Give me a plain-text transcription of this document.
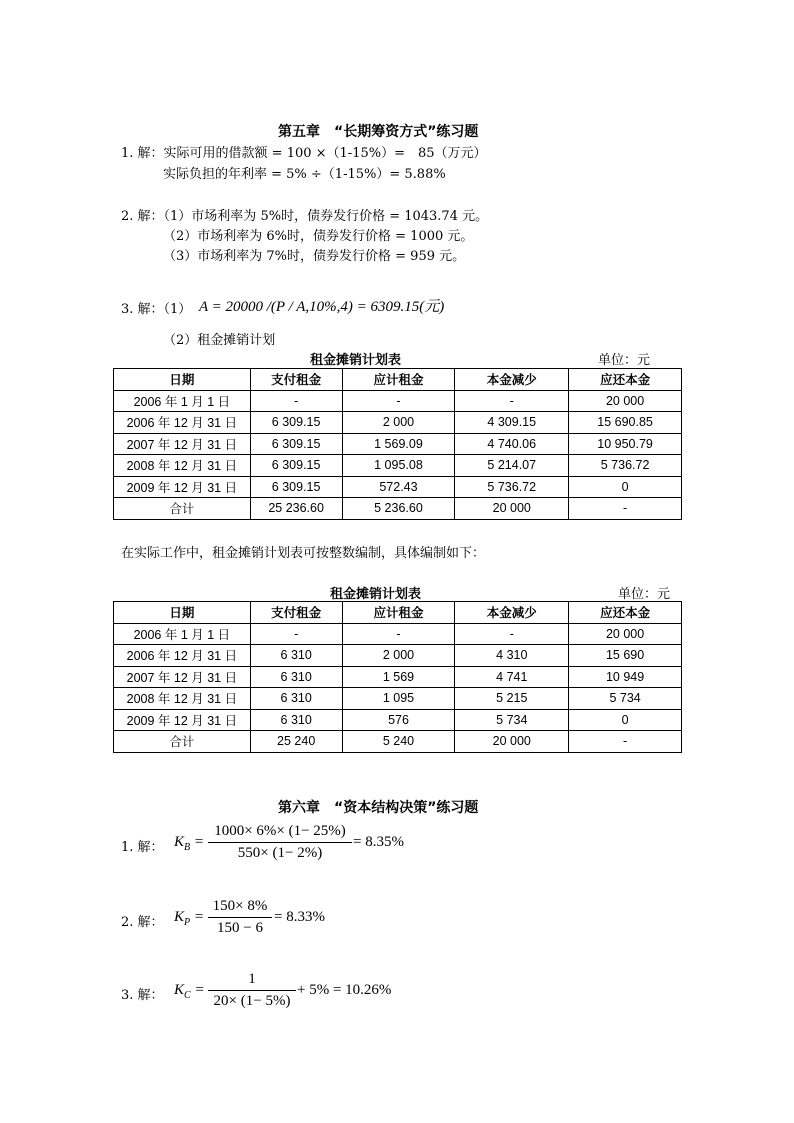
第五章　“长期筹资方式”练习题
1. 解：实际可用的借款额 = 100 ×（1-15%）=　85（万元）
实际负担的年利率 = 5% ÷（1-15%）= 5.88%
2. 解：（1）市场利率为 5%时，债券发行价格 = 1043.74 元。
（2）市场利率为 6%时，债券发行价格 = 1000 元。
（3）市场利率为 7%时，债券发行价格 = 959 元。
3. 解：（1） A = 20000 /(P / A,10%,4) = 6309.15(元)
（2）租金摊销计划
租金摊销计划表	单位：元
日期	支付租金	应计租金	本金减少	应还本金
2006 年 1 月 1 日	-	-	-	20 000
2006 年 12 月 31 日	6 309.15	2 000	4 309.15	15 690.85
2007 年 12 月 31 日	6 309.15	1 569.09	4 740.06	10 950.79
2008 年 12 月 31 日	6 309.15	1 095.08	5 214.07	5 736.72
2009 年 12 月 31 日	6 309.15	572.43	5 736.72	0
合计	25 236.60	5 236.60	20 000	-
在实际工作中，租金摊销计划表可按整数编制，具体编制如下：
租金摊销计划表	单位：元
日期	支付租金	应计租金	本金减少	应还本金
2006 年 1 月 1 日	-	-	-	20 000
2006 年 12 月 31 日	6 310	2 000	4 310	15 690
2007 年 12 月 31 日	6 310	1 569	4 741	10 949
2008 年 12 月 31 日	6 310	1 095	5 215	5 734
2009 年 12 月 31 日	6 310	576	5 734	0
合计	25 240	5 240	20 000	-
第六章　“资本结构决策”练习题
1. 解： $K_B = \frac{1000\times 6\%\times (1- 25\%)}{550\times (1- 2\%)} = 8.35\%$
2. 解： $K_P = \frac{150\times 8\%}{150 - 6} = 8.33\%$
3. 解： $K_C = \frac{1}{20\times (1- 5\%)} + 5\% = 10.26\%$
